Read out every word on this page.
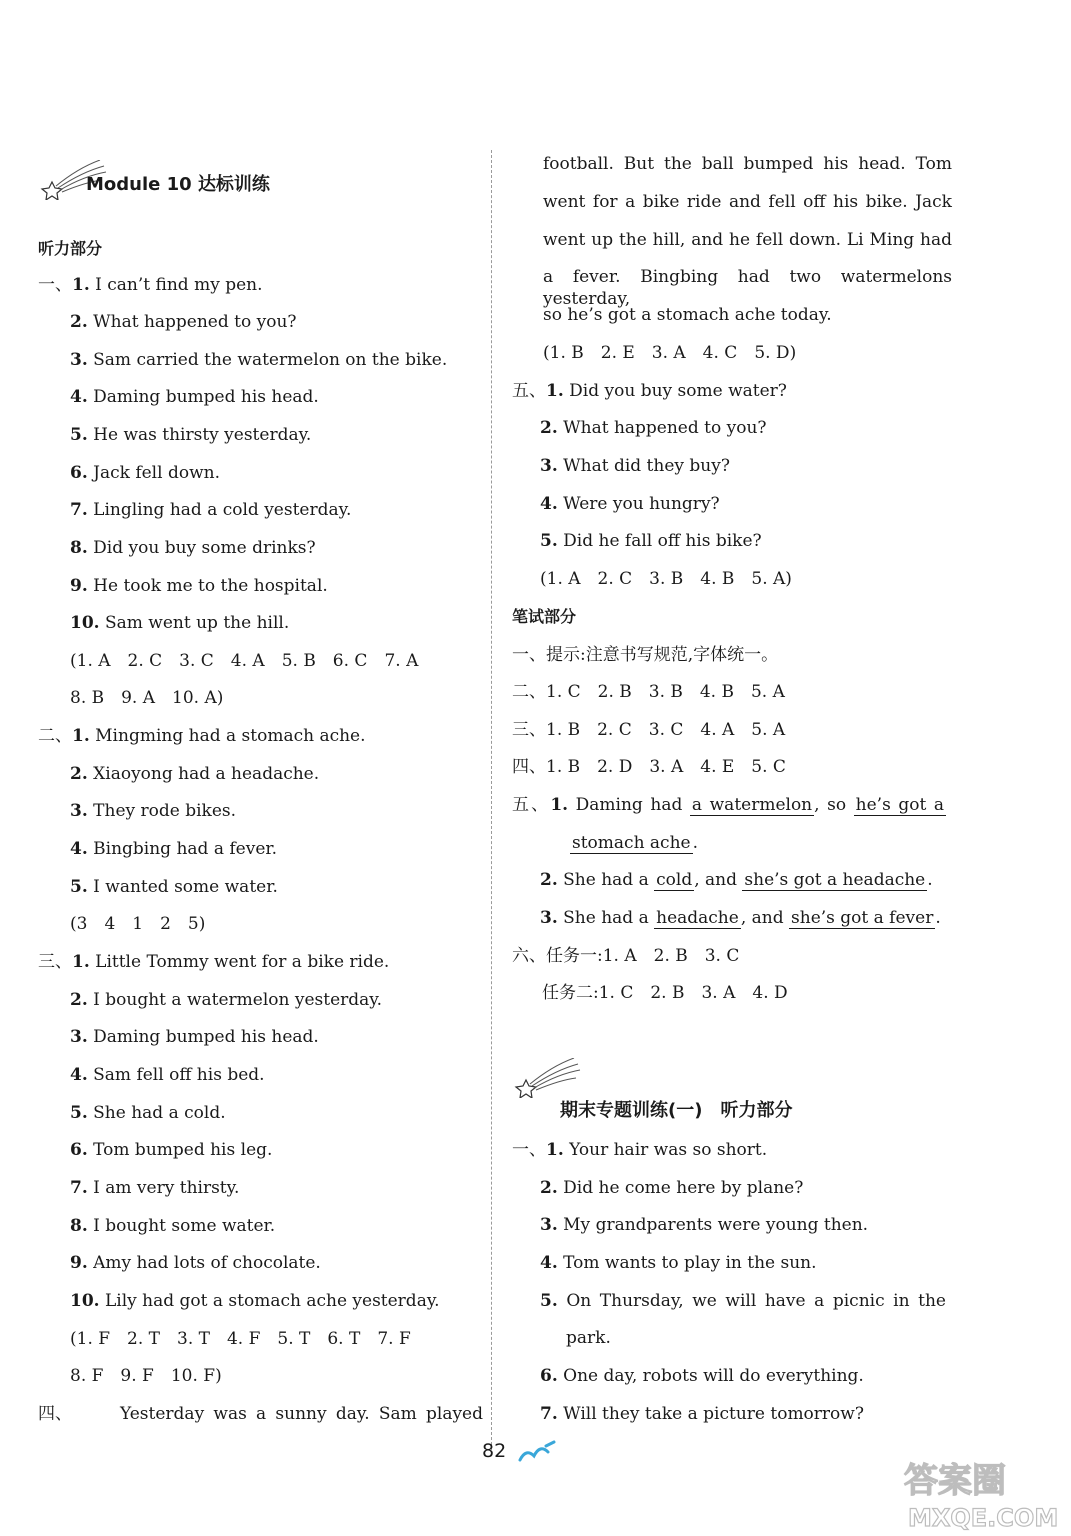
Module 10 达标训练
听力部分
一、1. I can’t find my pen.
2. What happened to you?
3. Sam carried the watermelon on the bike.
4. Daming bumped his head.
5. He was thirsty yesterday.
6. Jack fell down.
7. Lingling had a cold yesterday.
8. Did you buy some drinks?
9. He took me to the hospital.
10. Sam went up the hill.
(1. A　2. C　3. C　4. A　5. B　6. C　7. A
8. B　9. A　10. A)
二、1. Mingming had a stomach ache.
2. Xiaoyong had a headache.
3. They rode bikes.
4. Bingbing had a fever.
5. I wanted some water.
(3　4　1　2　5)
三、1. Little Tommy went for a bike ride.
2. I bought a watermelon yesterday.
3. Daming bumped his head.
4. Sam fell off his bed.
5. She had a cold.
6. Tom bumped his leg.
7. I am very thirsty.
8. I bought some water.
9. Amy had lots of chocolate.
10. Lily had got a stomach ache yesterday.
(1. F　2. T　3. T　4. F　5. T　6. T　7. F
8. F　9. F　10. F)
四、	Yesterday was a sunny day. Sam played
football. But the ball bumped his head. Tom
went for a bike ride and fell off his bike. Jack
went up the hill, and he fell down. Li Ming had
a fever. Bingbing had two watermelons yesterday,
so he’s got a stomach ache today.
(1. B　2. E　3. A　4. C　5. D)
五、1. Did you buy some water?
2. What happened to you?
3. What did they buy?
4. Were you hungry?
5. Did he fall off his bike?
(1. A　2. C　3. B　4. B　5. A)
笔试部分
一、提示:注意书写规范,字体统一。
二、1. C　2. B　3. B　4. B　5. A
三、1. B　2. C　3. C　4. A　5. A
四、1. B　2. D　3. A　4. E　5. C
五、1. Daming had a watermelon , so he’s got a
stomach ache .
2. She had a cold , and she’s got a headache .
3. She had a headache , and she’s got a fever .
六、任务一:1. A　2. B　3. C
任务二:1. C　2. B　3. A　4. D
期末专题训练(一)　听力部分
一、1. Your hair was so short.
2. Did he come here by plane?
3. My grandparents were young then.
4. Tom wants to play in the sun.
5. On Thursday, we will have a picnic in the
park.
6. One day, robots will do everything.
7. Will they take a picture tomorrow?
82
答案圈
MXQE.COM
